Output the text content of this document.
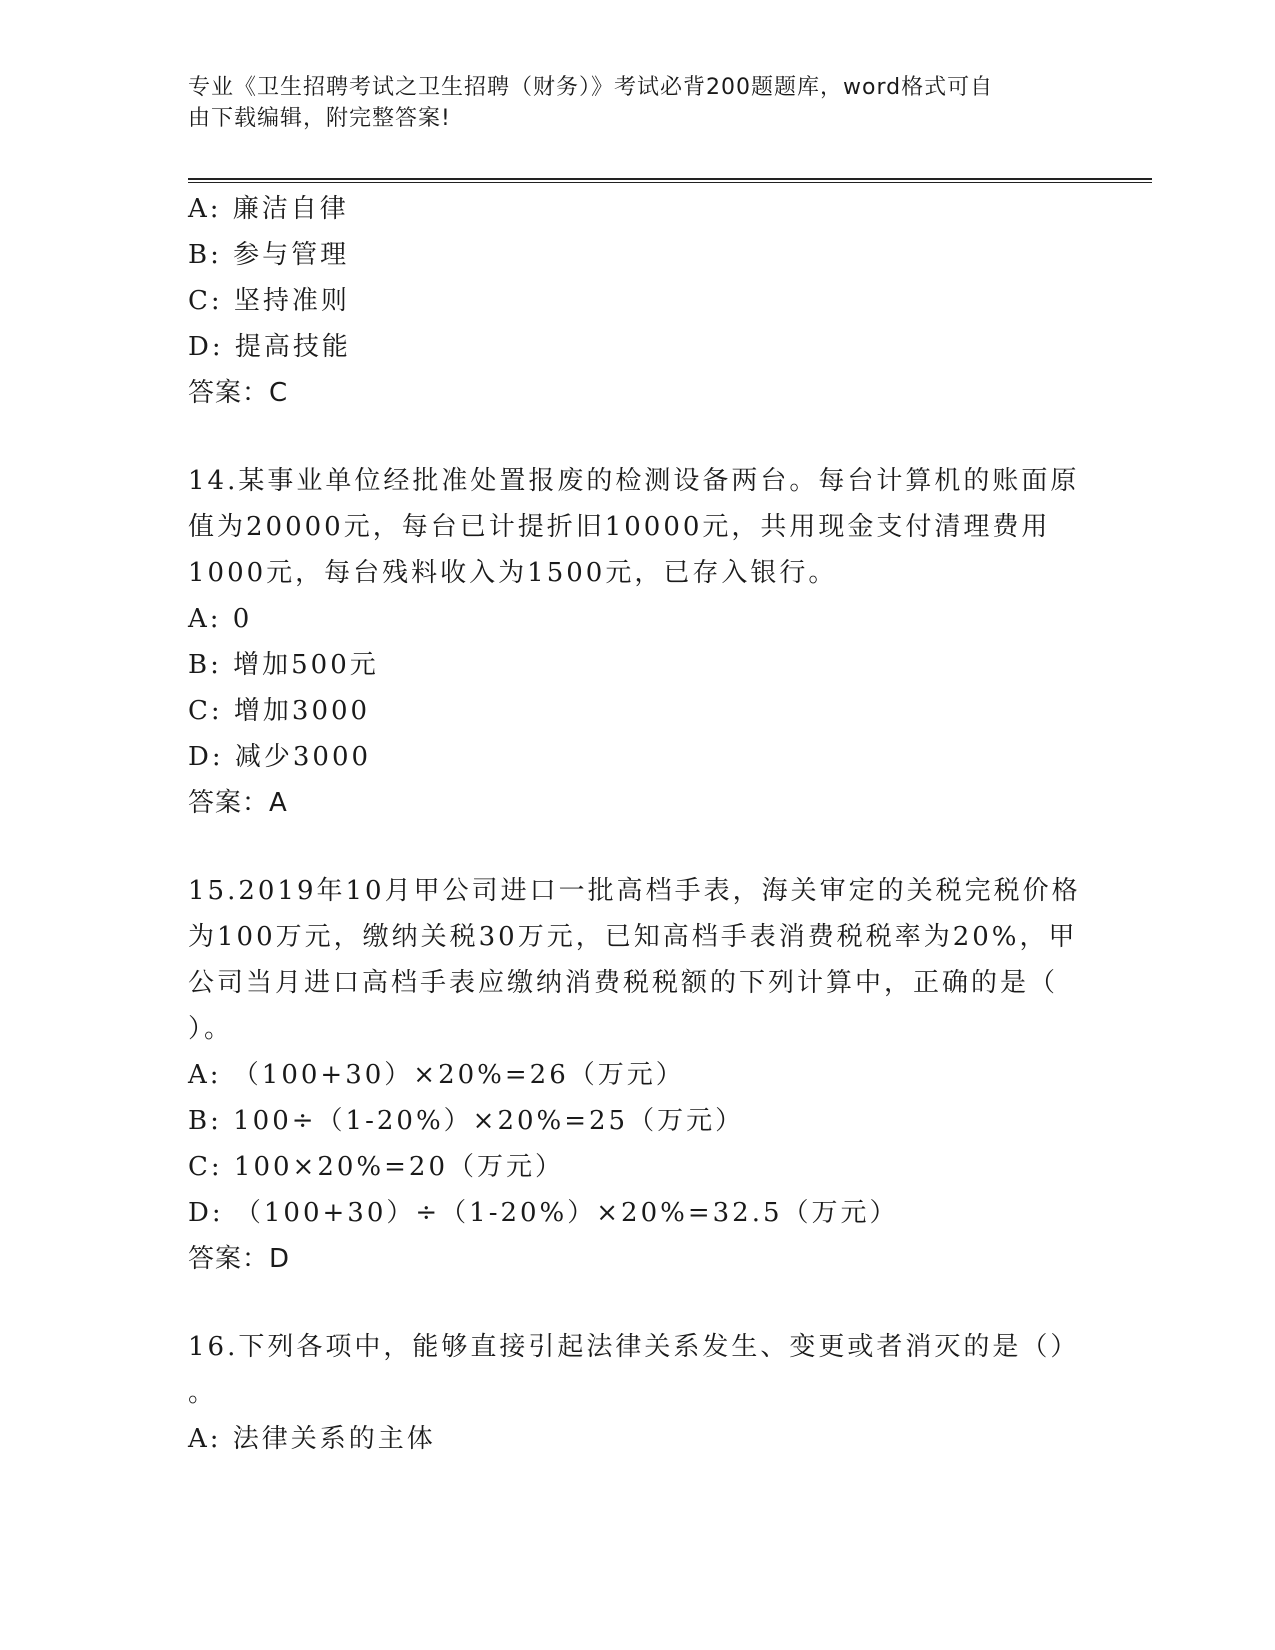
专业《卫生招聘考试之卫生招聘（财务）》考试必背200题题库，word格式可自
由下载编辑，附完整答案!

A: 廉洁自律

B: 参与管理

C: 坚持准则

D: 提高技能

答案：C

14.某事业单位经批准处置报废的检测设备两台。每台计算机的账面原
值为20000元，每台已计提折旧10000元，共用现金支付清理费用
1000元，每台残料收入为1500元，已存入银行。

A: 0

B: 增加500元

C: 增加3000

D: 减少3000

答案：A

15.2019年10月甲公司进口一批高档手表，海关审定的关税完税价格
为100万元，缴纳关税30万元，已知高档手表消费税税率为20%，甲
公司当月进口高档手表应缴纳消费税税额的下列计算中，正确的是（
）。

A: （100+30）×20%=26（万元）

B: 100÷（1-20%）×20%=25（万元）

C: 100×20%=20（万元）

D: （100+30）÷（1-20%）×20%=32.5（万元）

答案：D

16.下列各项中，能够直接引起法律关系发生、变更或者消灭的是（）
。

A: 法律关系的主体
